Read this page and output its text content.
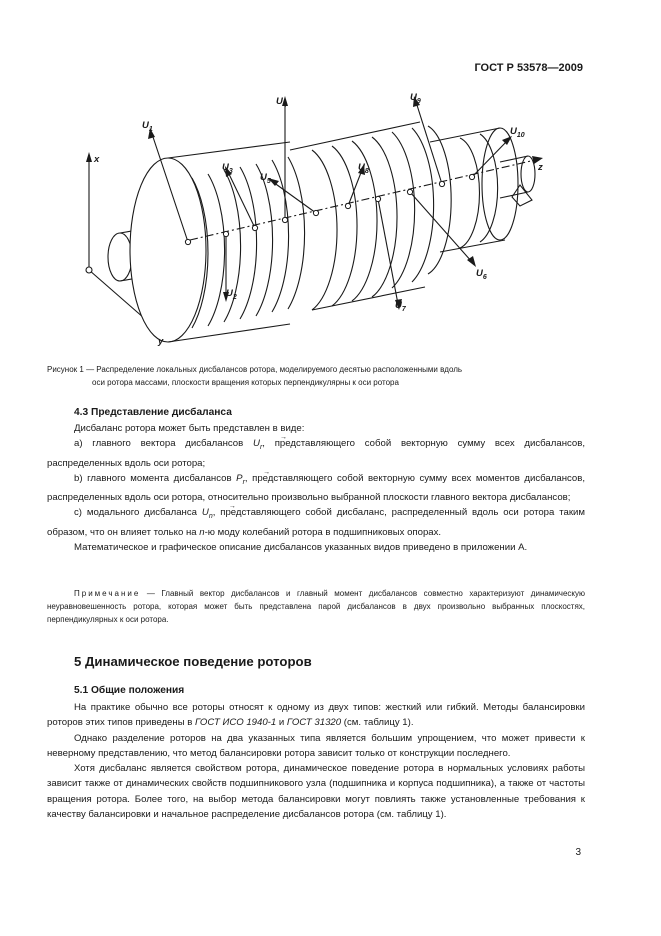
ГОСТ Р 53578—2009
x
y
z
$U_1$
$U_2$
$U_3$
$U_4$
$U_5$
$U_6$
$U_7$
$U_8$
$U_9$
$U_{10}$
Рисунок 1 — Распределение локальных дисбалансов ротора, моделируемого десятью расположенными вдоль
оси ротора массами, плоскости вращения которых перпендикулярны к оси ротора
4.3 Представление дисбаланса

Дисбаланс ротора может быть представлен в виде:

a) главного вектора дисбалансов → $U_r$, представляющего собой векторную сумму всех дисбалансов, распределенных вдоль оси ротора;

b) главного момента дисбалансов → $P_r$, представляющего собой векторную сумму всех моментов дисбалансов, распределенных вдоль оси ротора, относительно произвольно выбранной плоскости главного вектора дисбалансов;

c) модального дисбаланса → $U_n$, представляющего собой дисбаланс, распределенный вдоль оси ротора таким образом, что он влияет только на n-ю моду колебаний ротора в подшипниковых опорах.

Математическое и графическое описание дисбалансов указанных видов приведено в приложении А.

Примечание — Главный вектор дисбалансов и главный момент дисбалансов совместно характеризуют динамическую неуравновешенность ротора, которая может быть представлена парой дисбалансов в двух произвольно выбранных плоскостях, перпендикулярных к оси ротора.
5 Динамическое поведение роторов
5.1 Общие положения

На практике обычно все роторы относят к одному из двух типов: жесткий или гибкий. Методы балансировки роторов этих типов приведены в ГОСТ ИСО 1940-1 и ГОСТ 31320 (см. таблицу 1).

Однако разделение роторов на два указанных типа является большим упрощением, что может привести к неверному представлению, что метод балансировки ротора зависит только от конструкции последнего.

Хотя дисбаланс является свойством ротора, динамическое поведение ротора в нормальных условиях работы зависит также от динамических свойств подшипникового узла (подшипника и корпуса подшипника), а также от частоты вращения ротора. Более того, на выбор метода балансировки могут повлиять также установленные требования к качеству балансировки и начальное распределение дисбалансов ротора (см. таблицу 1).

3
